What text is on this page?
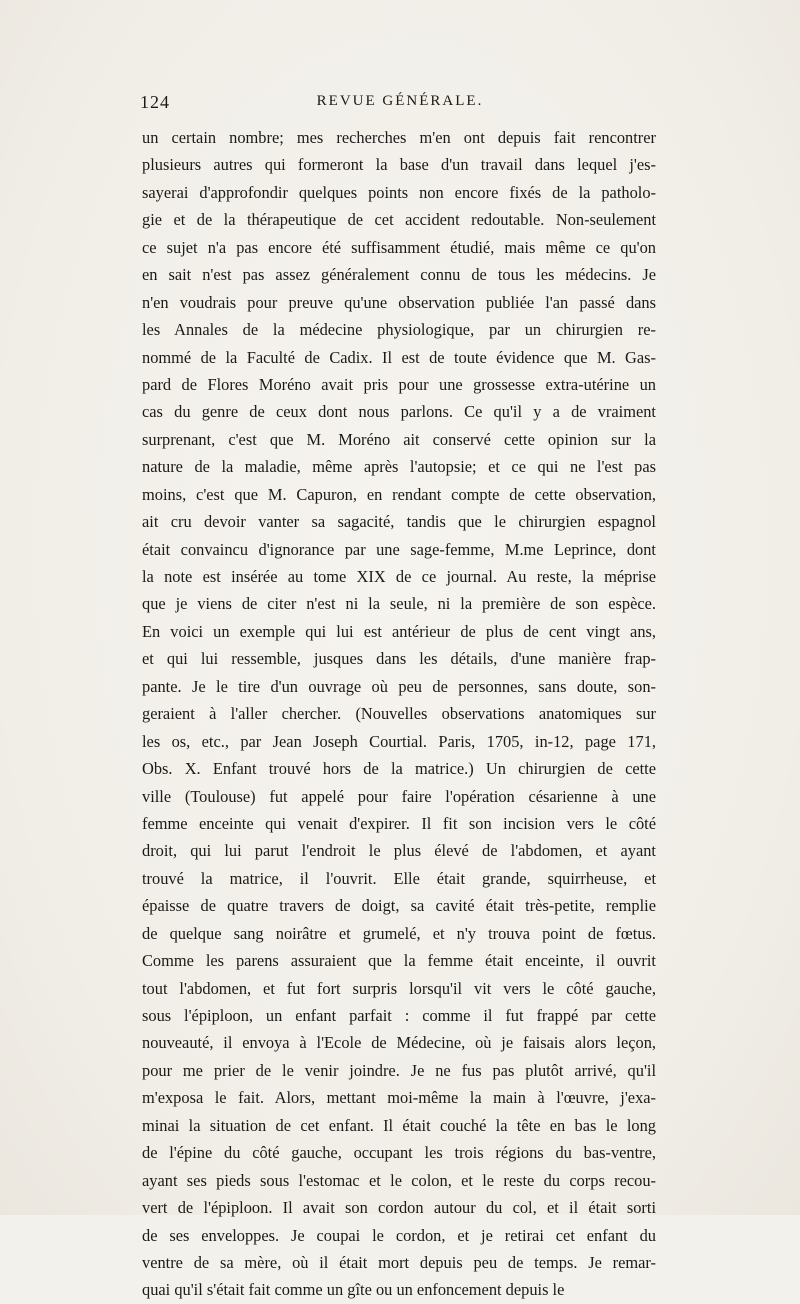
124	REVUE GÉNÉRALE.
un certain nombre; mes recherches m'en ont depuis fait rencontrer
plusieurs autres qui formeront la base d'un travail dans lequel j'es-
sayerai d'approfondir quelques points non encore fixés de la patholo-
gie et de la thérapeutique de cet accident redoutable. Non-seulement
ce sujet n'a pas encore été suffisamment étudié, mais même ce qu'on
en sait n'est pas assez généralement connu de tous les médecins. Je
n'en voudrais pour preuve qu'une observation publiée l'an passé dans
les Annales de la médecine physiologique, par un chirurgien re-
nommé de la Faculté de Cadix. Il est de toute évidence que M. Gas-
pard de Flores Moréno avait pris pour une grossesse extra-utérine un
cas du genre de ceux dont nous parlons. Ce qu'il y a de vraiment
surprenant, c'est que M. Moréno ait conservé cette opinion sur la
nature de la maladie, même après l'autopsie; et ce qui ne l'est pas
moins, c'est que M. Capuron, en rendant compte de cette observation,
ait cru devoir vanter sa sagacité, tandis que le chirurgien espagnol
était convaincu d'ignorance par une sage-femme, M.me Leprince, dont
la note est insérée au tome XIX de ce journal. Au reste, la méprise
que je viens de citer n'est ni la seule, ni la première de son espèce.
En voici un exemple qui lui est antérieur de plus de cent vingt ans,
et qui lui ressemble, jusques dans les détails, d'une manière frap-
pante. Je le tire d'un ouvrage où peu de personnes, sans doute, son-
geraient à l'aller chercher. (Nouvelles observations anatomiques sur
les os, etc., par Jean Joseph Courtial. Paris, 1705, in-12, page 171,
Obs. X. Enfant trouvé hors de la matrice.) Un chirurgien de cette
ville (Toulouse) fut appelé pour faire l'opération césarienne à une
femme enceinte qui venait d'expirer. Il fit son incision vers le côté
droit, qui lui parut l'endroit le plus élevé de l'abdomen, et ayant
trouvé la matrice, il l'ouvrit. Elle était grande, squirrheuse, et
épaisse de quatre travers de doigt, sa cavité était très-petite, remplie
de quelque sang noirâtre et grumelé, et n'y trouva point de fœtus.
Comme les parens assuraient que la femme était enceinte, il ouvrit
tout l'abdomen, et fut fort surpris lorsqu'il vit vers le côté gauche,
sous l'épiploon, un enfant parfait : comme il fut frappé par cette
nouveauté, il envoya à l'Ecole de Médecine, où je faisais alors leçon,
pour me prier de le venir joindre. Je ne fus pas plutôt arrivé, qu'il
m'exposa le fait. Alors, mettant moi-même la main à l'œuvre, j'exa-
minai la situation de cet enfant. Il était couché la tête en bas le long
de l'épine du côté gauche, occupant les trois régions du bas-ventre,
ayant ses pieds sous l'estomac et le colon, et le reste du corps recou-
vert de l'épiploon. Il avait son cordon autour du col, et il était sorti
de ses enveloppes. Je coupai le cordon, et je retirai cet enfant du
ventre de sa mère, où il était mort depuis peu de temps. Je remar-
quai qu'il s'était fait comme un gîte ou un enfoncement depuis le
